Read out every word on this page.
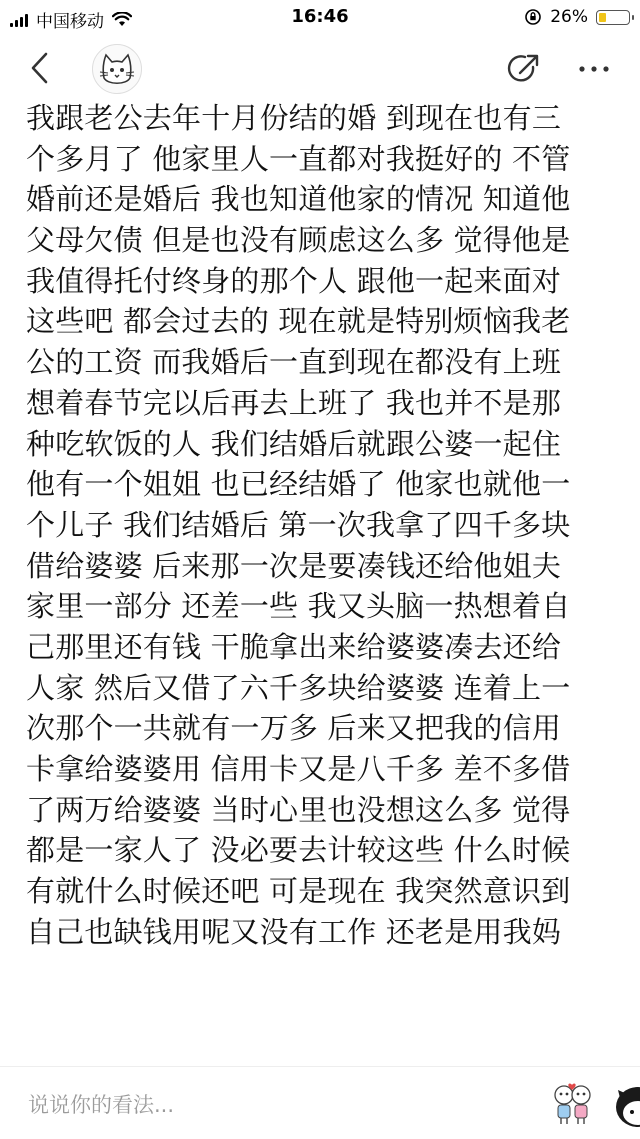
中国移动	16:46	26%
我跟老公去年十月份结的婚 到现在也有三
个多月了 他家里人一直都对我挺好的 不管
婚前还是婚后 我也知道他家的情况 知道他
父母欠债 但是也没有顾虑这么多 觉得他是
我值得托付终身的那个人 跟他一起来面对
这些吧 都会过去的 现在就是特别烦恼我老
公的工资 而我婚后一直到现在都没有上班
想着春节完以后再去上班了 我也并不是那
种吃软饭的人 我们结婚后就跟公婆一起住
他有一个姐姐 也已经结婚了 他家也就他一
个儿子 我们结婚后 第一次我拿了四千多块
借给婆婆 后来那一次是要凑钱还给他姐夫
家里一部分 还差一些 我又头脑一热想着自
己那里还有钱 干脆拿出来给婆婆凑去还给
人家 然后又借了六千多块给婆婆 连着上一
次那个一共就有一万多 后来又把我的信用
卡拿给婆婆用 信用卡又是八千多 差不多借
了两万给婆婆 当时心里也没想这么多 觉得
都是一家人了 没必要去计较这些 什么时候
有就什么时候还吧 可是现在 我突然意识到
自己也缺钱用呢又没有工作 还老是用我妈
说说你的看法...
